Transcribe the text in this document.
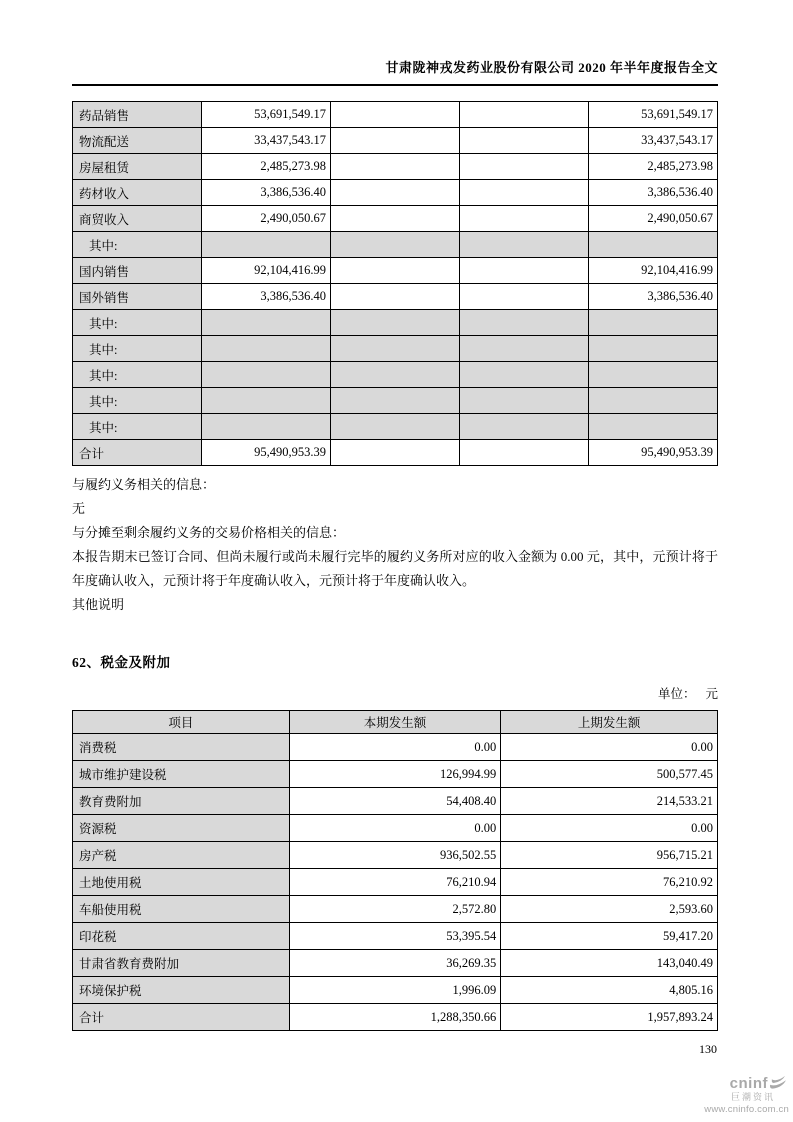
甘肃陇神戎发药业股份有限公司 2020 年半年度报告全文
药品销售	53,691,549.17			53,691,549.17
物流配送	33,437,543.17			33,437,543.17
房屋租赁	2,485,273.98			2,485,273.98
药材收入	3,386,536.40			3,386,536.40
商贸收入	2,490,050.67			2,490,050.67
其中:				
国内销售	92,104,416.99			92,104,416.99
国外销售	3,386,536.40			3,386,536.40
其中:				
其中:				
其中:				
其中:				
其中:				
合计	95,490,953.39			95,490,953.39

与履约义务相关的信息：

无

与分摊至剩余履约义务的交易价格相关的信息：

本报告期末已签订合同、但尚未履行或尚未履行完毕的履约义务所对应的收入金额为 0.00 元，其中，元预计将于年度确认收入，元预计将于年度确认收入，元预计将于年度确认收入。

其他说明

62、税金及附加
单位： 元
项目	本期发生额	上期发生额
消费税	0.00	0.00
城市维护建设税	126,994.99	500,577.45
教育费附加	54,408.40	214,533.21
资源税	0.00	0.00
房产税	936,502.55	956,715.21
土地使用税	76,210.94	76,210.92
车船使用税	2,572.80	2,593.60
印花税	53,395.54	59,417.20
甘肃省教育费附加	36,269.35	143,040.49
环境保护税	1,996.09	4,805.16
合计	1,288,350.66	1,957,893.24
130
cninf
巨潮资讯
www.cninfo.com.cn
